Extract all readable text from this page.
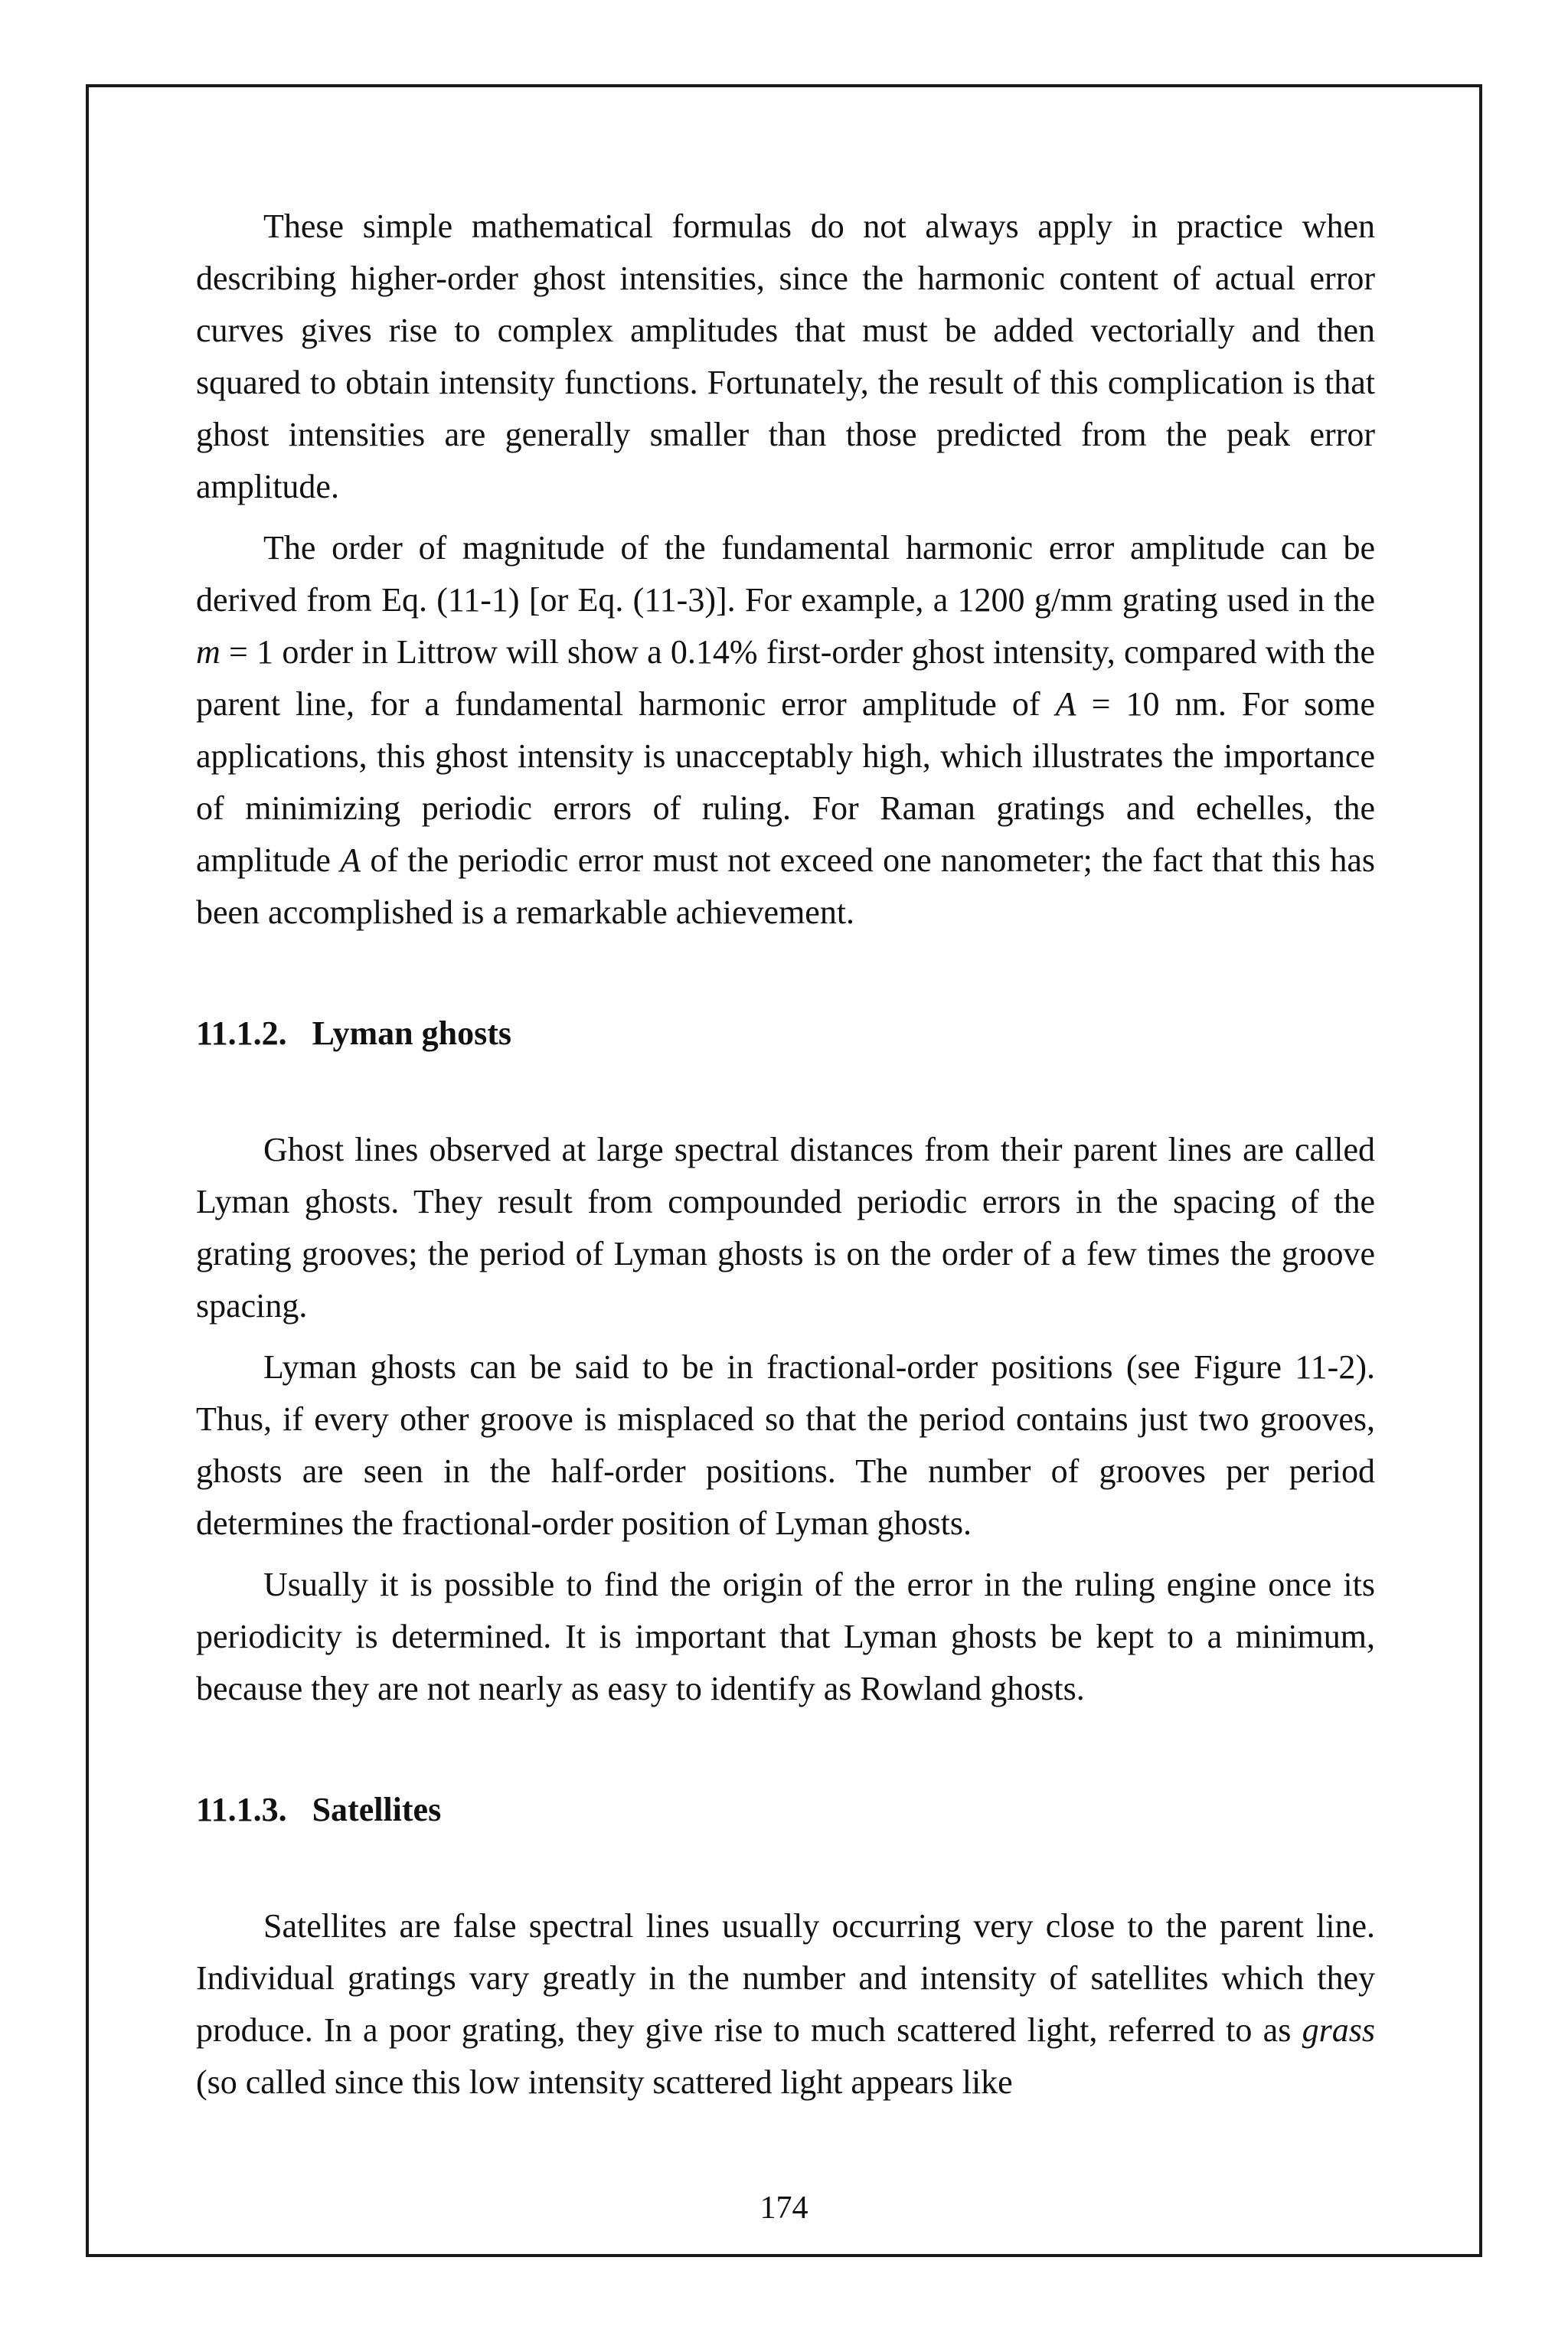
These simple mathematical formulas do not always apply in practice when describing higher-order ghost intensities, since the harmonic content of actual error curves gives rise to complex amplitudes that must be added vectorially and then squared to obtain intensity functions. Fortunately, the result of this complication is that ghost intensities are generally smaller than those predicted from the peak error amplitude.

The order of magnitude of the fundamental harmonic error amplitude can be derived from Eq. (11-1) [or Eq. (11-3)]. For example, a 1200 g/mm grating used in the m = 1 order in Littrow will show a 0.14% first-order ghost intensity, compared with the parent line, for a fundamental harmonic error amplitude of A = 10 nm. For some applications, this ghost intensity is unacceptably high, which illustrates the importance of minimizing periodic errors of ruling. For Raman gratings and echelles, the amplitude A of the periodic error must not exceed one nanometer; the fact that this has been accomplished is a remarkable achievement.

11.1.2.   Lyman ghosts

Ghost lines observed at large spectral distances from their parent lines are called Lyman ghosts. They result from compounded periodic errors in the spacing of the grating grooves; the period of Lyman ghosts is on the order of a few times the groove spacing.

Lyman ghosts can be said to be in fractional-order positions (see Figure 11-2). Thus, if every other groove is misplaced so that the period contains just two grooves, ghosts are seen in the half-order positions. The number of grooves per period determines the fractional-order position of Lyman ghosts.

Usually it is possible to find the origin of the error in the ruling engine once its periodicity is determined. It is important that Lyman ghosts be kept to a minimum, because they are not nearly as easy to identify as Rowland ghosts.

11.1.3.   Satellites

Satellites are false spectral lines usually occurring very close to the parent line. Individual gratings vary greatly in the number and intensity of satellites which they produce. In a poor grating, they give rise to much scattered light, referred to as grass (so called since this low intensity scattered light appears like

174
